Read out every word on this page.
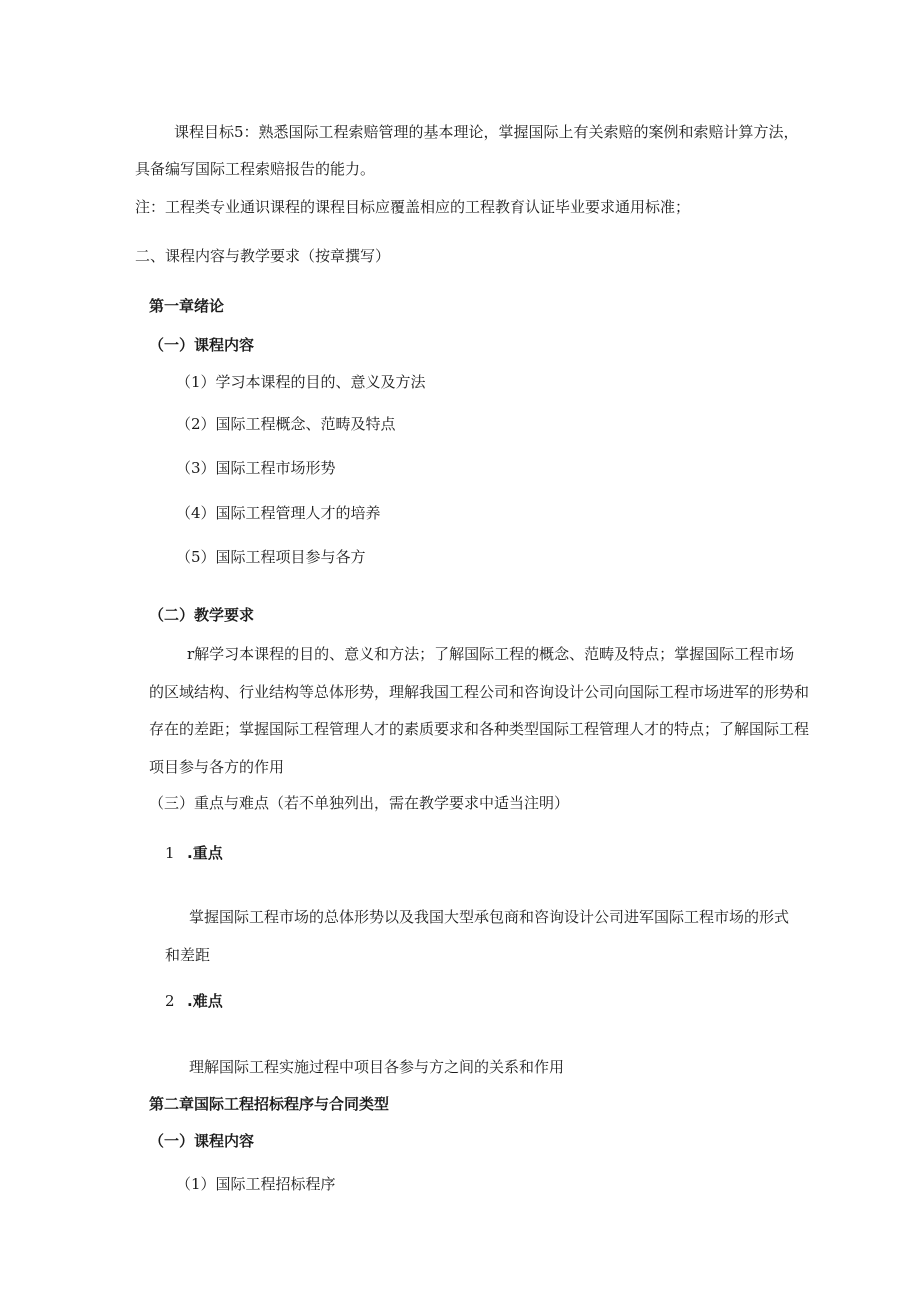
课程目标5：熟悉国际工程索赔管理的基本理论，掌握国际上有关索赔的案例和索赔计算方法，
具备编写国际工程索赔报告的能力。
注：工程类专业通识课程的课程目标应覆盖相应的工程教育认证毕业要求通用标准；
二、课程内容与教学要求（按章撰写）
第一章绪论
（一）课程内容
（1）学习本课程的目的、意义及方法
（2）国际工程概念、范畴及特点
（3）国际工程市场形势
（4）国际工程管理人才的培养
（5）国际工程项目参与各方
（二）教学要求
r解学习本课程的目的、意义和方法；了解国际工程的概念、范畴及特点；掌握国际工程市场
的区域结构、行业结构等总体形势，理解我国工程公司和咨询设计公司向国际工程市场进军的形势和
存在的差距；掌握国际工程管理人才的素质要求和各种类型国际工程管理人才的特点；了解国际工程
项目参与各方的作用
（三）重点与难点（若不单独列出，需在教学要求中适当注明）
1 .重点
掌握国际工程市场的总体形势以及我国大型承包商和咨询设计公司进军国际工程市场的形式
和差距
2 .难点
理解国际工程实施过程中项目各参与方之间的关系和作用
第二章国际工程招标程序与合同类型
（一）课程内容
（1）国际工程招标程序
